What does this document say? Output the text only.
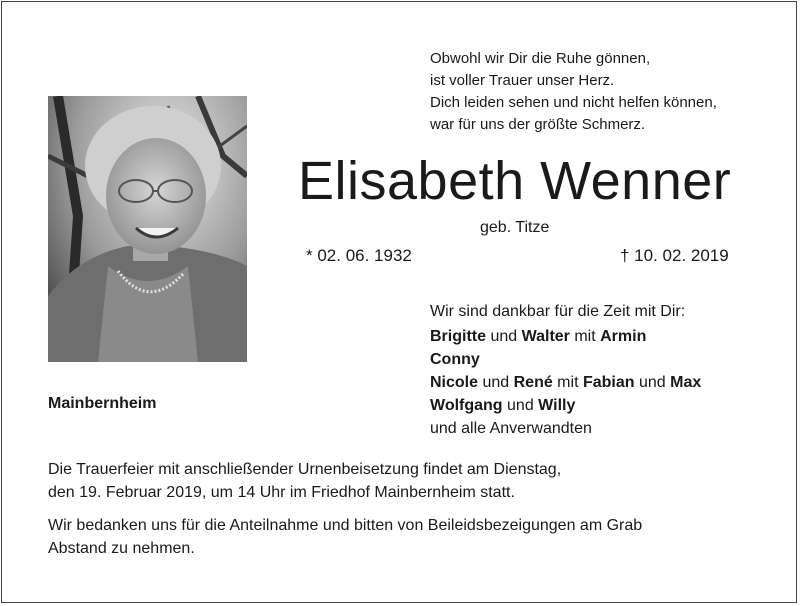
Obwohl wir Dir die Ruhe gönnen,
ist voller Trauer unser Herz.
Dich leiden sehen und nicht helfen können,
war für uns der größte Schmerz.
Elisabeth Wenner
geb. Titze
* 02. 06. 1932	† 10. 02. 2019
Mainbernheim
Wir sind dankbar für die Zeit mit Dir:
Brigitte und Walter mit Armin
Conny
Nicole und René mit Fabian und Max
Wolfgang und Willy
und alle Anverwandten
Die Trauerfeier mit anschließender Urnenbeisetzung findet am Dienstag,
den 19. Februar 2019, um 14 Uhr im Friedhof Mainbernheim statt.
Wir bedanken uns für die Anteilnahme und bitten von Beileidsbezeigungen am Grab
Abstand zu nehmen.
